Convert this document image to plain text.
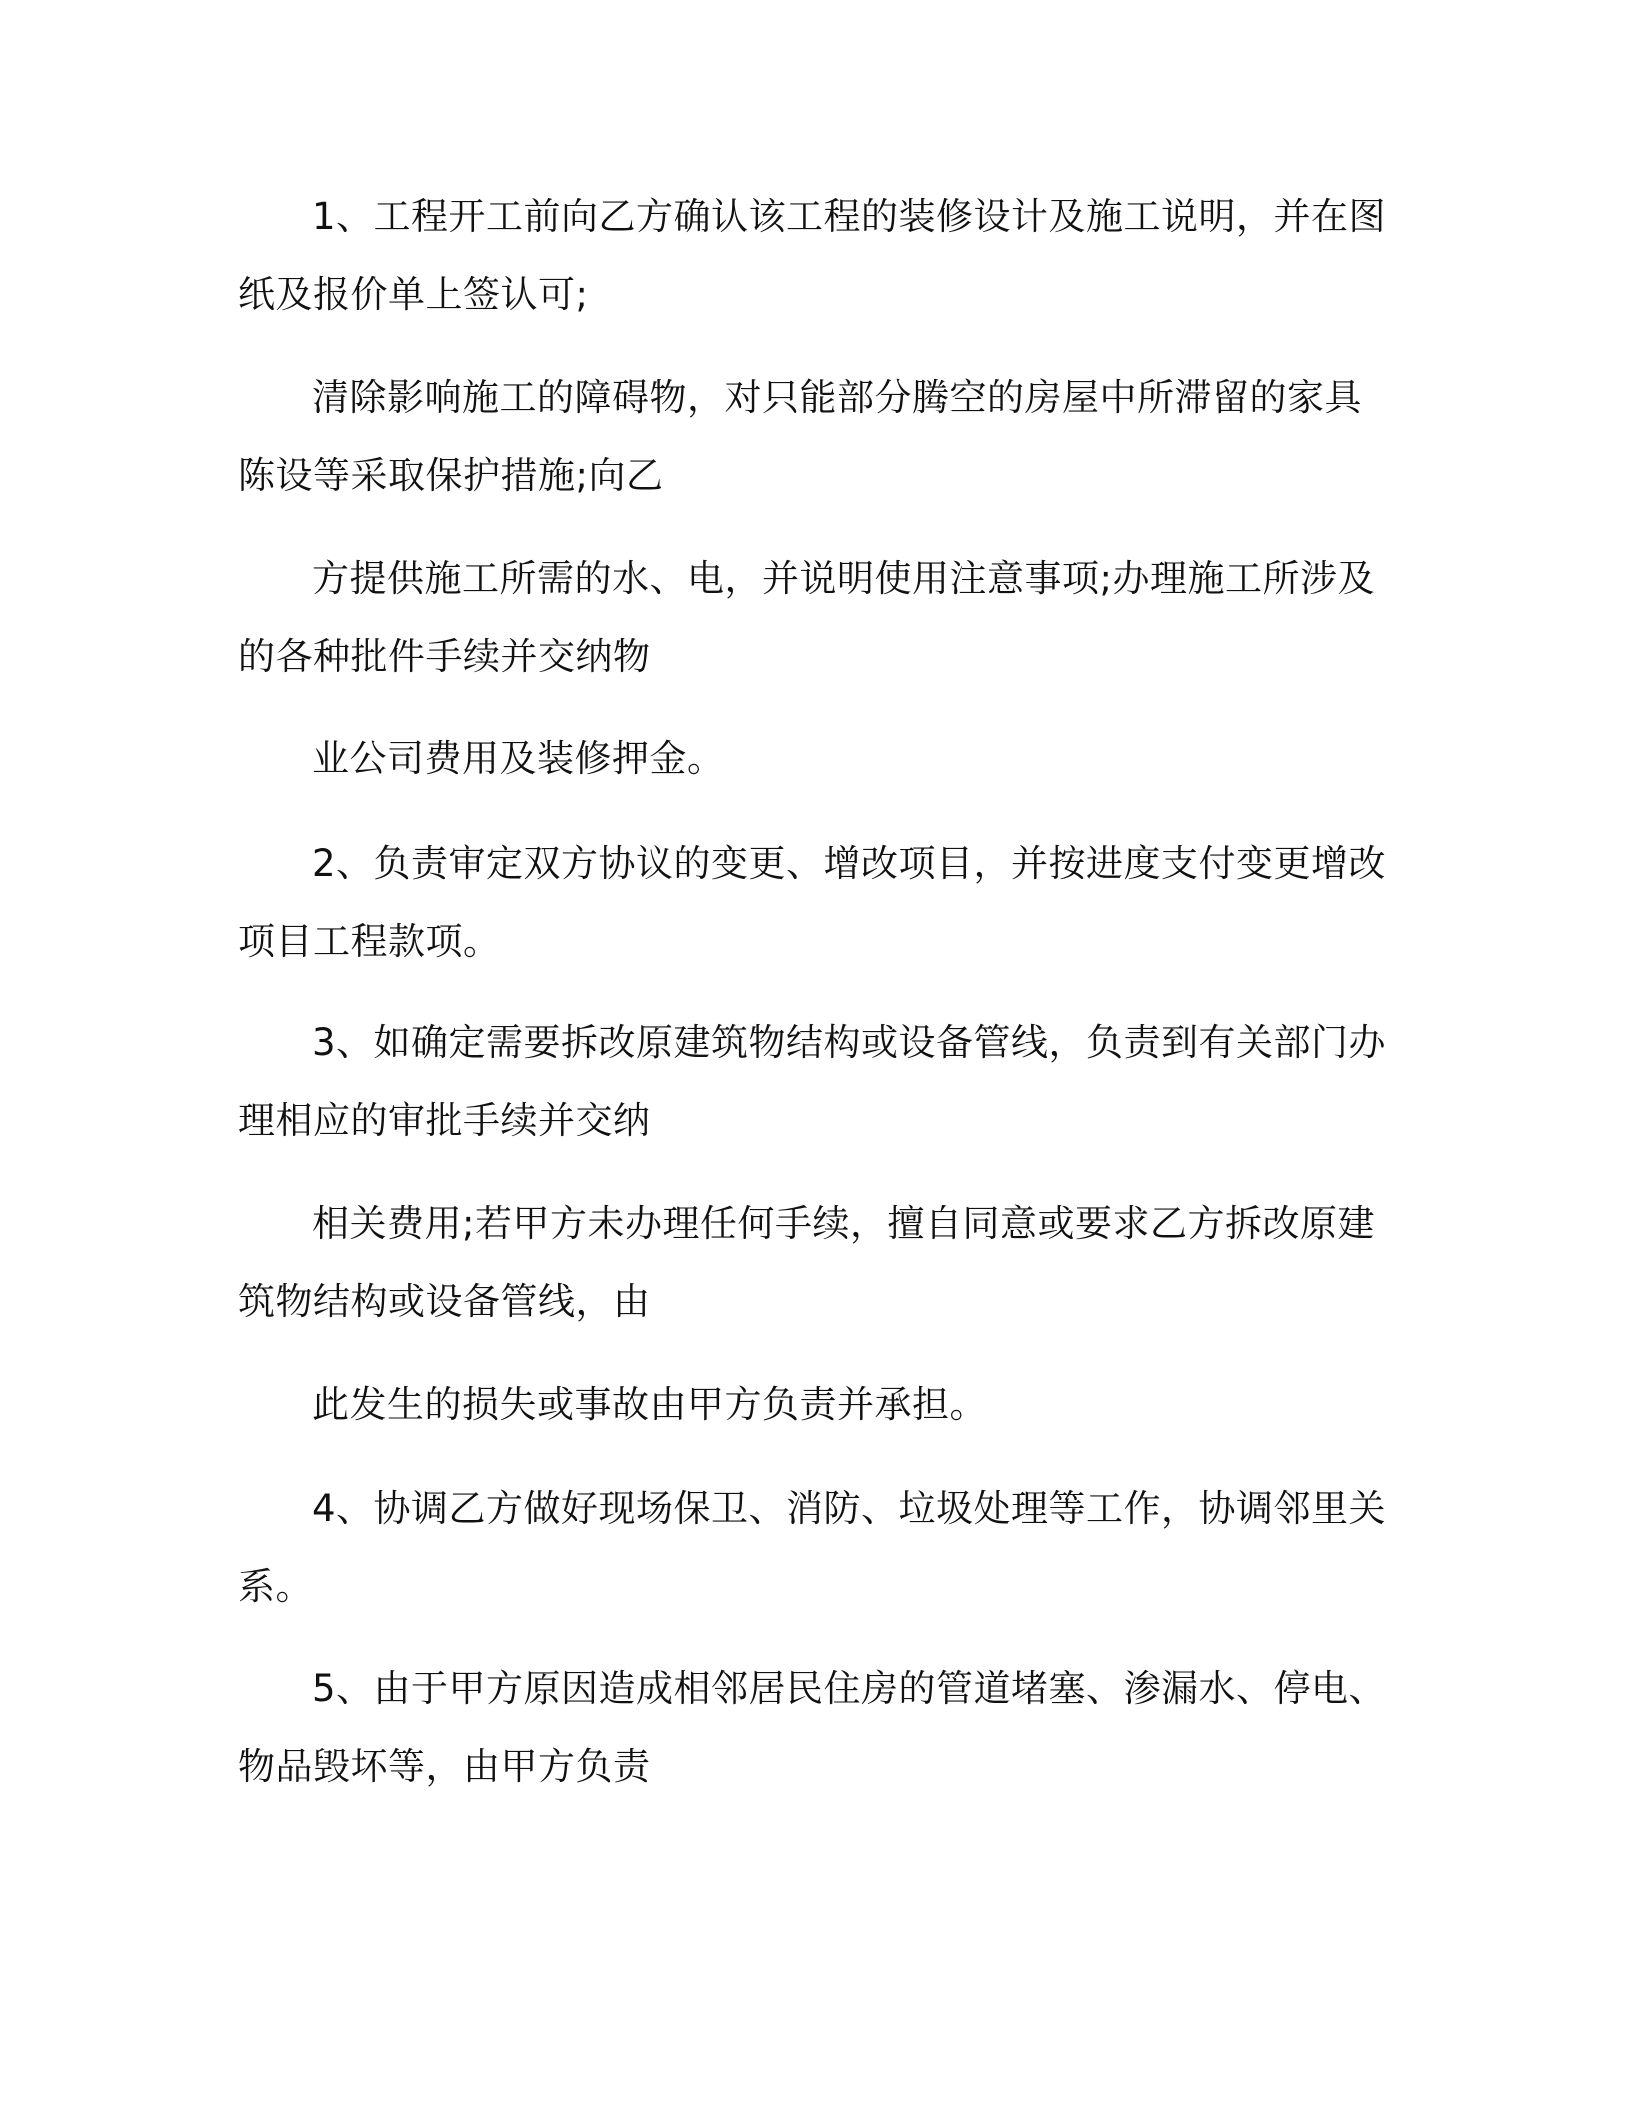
1、工程开工前向乙方确认该工程的装修设计及施工说明，并在图
纸及报价单上签认可;

清除影响施工的障碍物，对只能部分腾空的房屋中所滞留的家具
陈设等采取保护措施;向乙

方提供施工所需的水、电，并说明使用注意事项;办理施工所涉及
的各种批件手续并交纳物

业公司费用及装修押金。

2、负责审定双方协议的变更、增改项目，并按进度支付变更增改
项目工程款项。

3、如确定需要拆改原建筑物结构或设备管线，负责到有关部门办
理相应的审批手续并交纳

相关费用;若甲方未办理任何手续，擅自同意或要求乙方拆改原建
筑物结构或设备管线，由

此发生的损失或事故由甲方负责并承担。

4、协调乙方做好现场保卫、消防、垃圾处理等工作，协调邻里关
系。

5、由于甲方原因造成相邻居民住房的管道堵塞、渗漏水、停电、
物品毁坏等，由甲方负责
